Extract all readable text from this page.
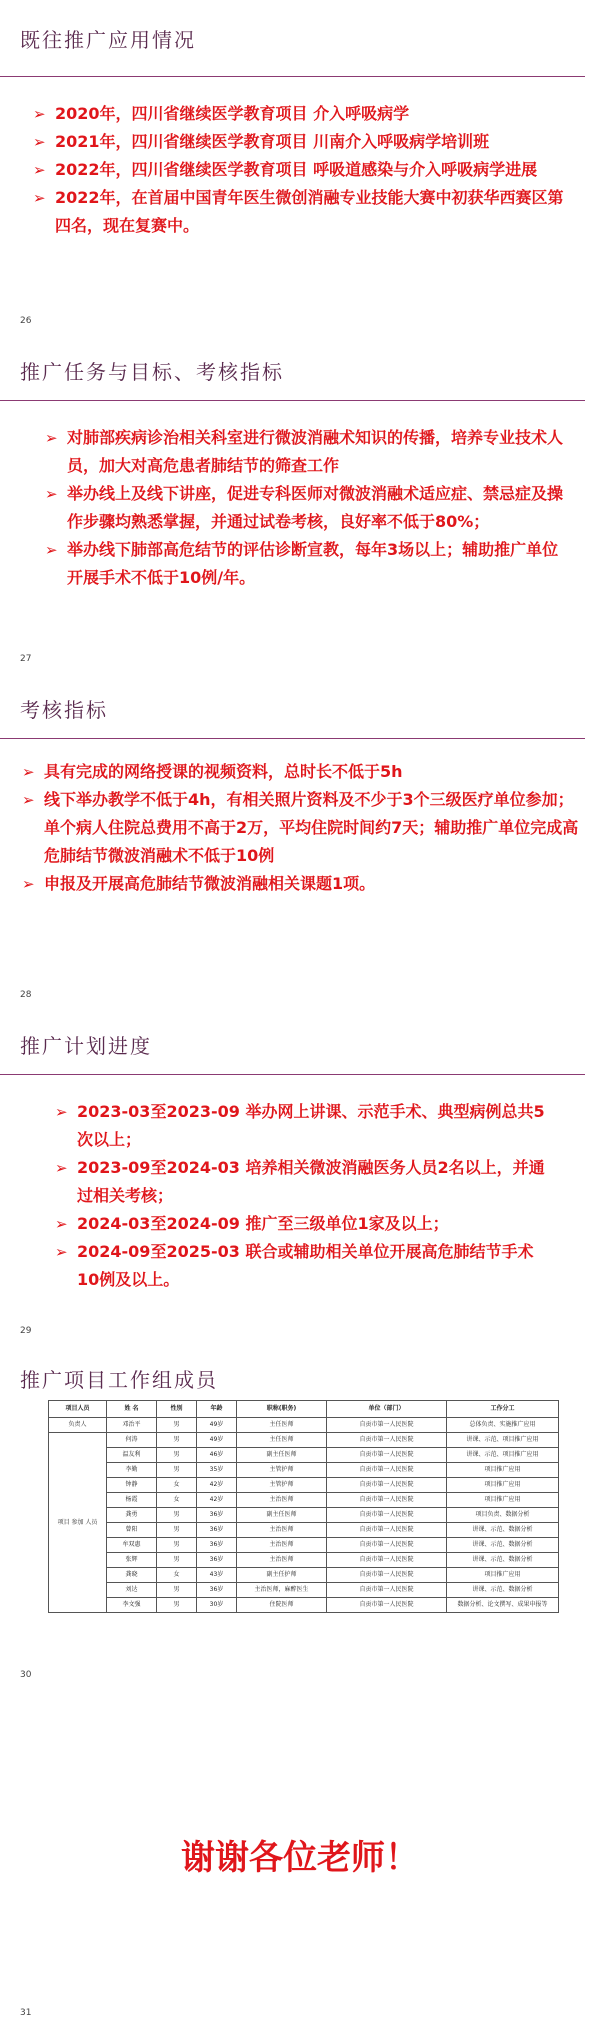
既往推广应用情况
➢ 2020年，四川省继续医学教育项目 介入呼吸病学
➢ 2021年，四川省继续医学教育项目 川南介入呼吸病学培训班
➢ 2022年，四川省继续医学教育项目 呼吸道感染与介入呼吸病学进展
➢ 2022年，在首届中国青年医生微创消融专业技能大赛中初获华西赛区第四名，现在复赛中。
26
推广任务与目标、考核指标
➢ 对肺部疾病诊治相关科室进行微波消融术知识的传播，培养专业技术人员，加大对高危患者肺结节的筛查工作
➢ 举办线上及线下讲座，促进专科医师对微波消融术适应症、禁忌症及操作步骤均熟悉掌握，并通过试卷考核，良好率不低于80%；
➢ 举办线下肺部高危结节的评估诊断宣教，每年3场以上；辅助推广单位开展手术不低于10例/年。
27
考核指标
➢ 具有完成的网络授课的视频资料，总时长不低于5h
➢ 线下举办教学不低于4h，有相关照片资料及不少于3个三级医疗单位参加；单个病人住院总费用不高于2万，平均住院时间约7天；辅助推广单位完成高危肺结节微波消融术不低于10例
➢ 申报及开展高危肺结节微波消融相关课题1项。
28
推广计划进度
➢ 2023-03至2023-09 举办网上讲课、示范手术、典型病例总共5次以上；
➢ 2023-09至2024-03 培养相关微波消融医务人员2名以上，并通过相关考核；
➢ 2024-03至2024-09 推广至三级单位1家及以上；
➢ 2024-09至2025-03 联合或辅助相关单位开展高危肺结节手术10例及以上。
29
推广项目工作组成员
项目人员	姓 名	性别	年龄	职称(职务)	单位（部门）	工作分工
负责人	邓治平	男	49岁	主任医师	自贡市第一人民医院	总体负责、实施推广应用
项目 参加 人员	何涛	男	49岁	主任医师	自贡市第一人民医院	讲课、示范、项目推广应用
	温友利	男	46岁	副主任医师	自贡市第一人民医院	讲课、示范、项目推广应用
	李勤	男	35岁	主管护师	自贡市第一人民医院	项目推广应用
	钟静	女	42岁	主管护师	自贡市第一人民医院	项目推广应用
	杨霞	女	42岁	主治医师	自贡市第一人民医院	项目推广应用
	龚勇	男	36岁	副主任医师	自贡市第一人民医院	项目负责、数据分析
	曾阳	男	36岁	主治医师	自贡市第一人民医院	讲课、示范、数据分析
	牟双惠	男	36岁	主治医师	自贡市第一人民医院	讲课、示范、数据分析
	张辉	男	36岁	主治医师	自贡市第一人民医院	讲课、示范、数据分析
	龚晓	女	43岁	副主任护师	自贡市第一人民医院	项目推广应用
	刘达	男	36岁	主治医师，麻醉医生	自贡市第一人民医院	讲课、示范、数据分析
	李文强	男	30岁	住院医师	自贡市第一人民医院	数据分析、论文撰写、成果申报等
30
谢谢各位老师！
31
